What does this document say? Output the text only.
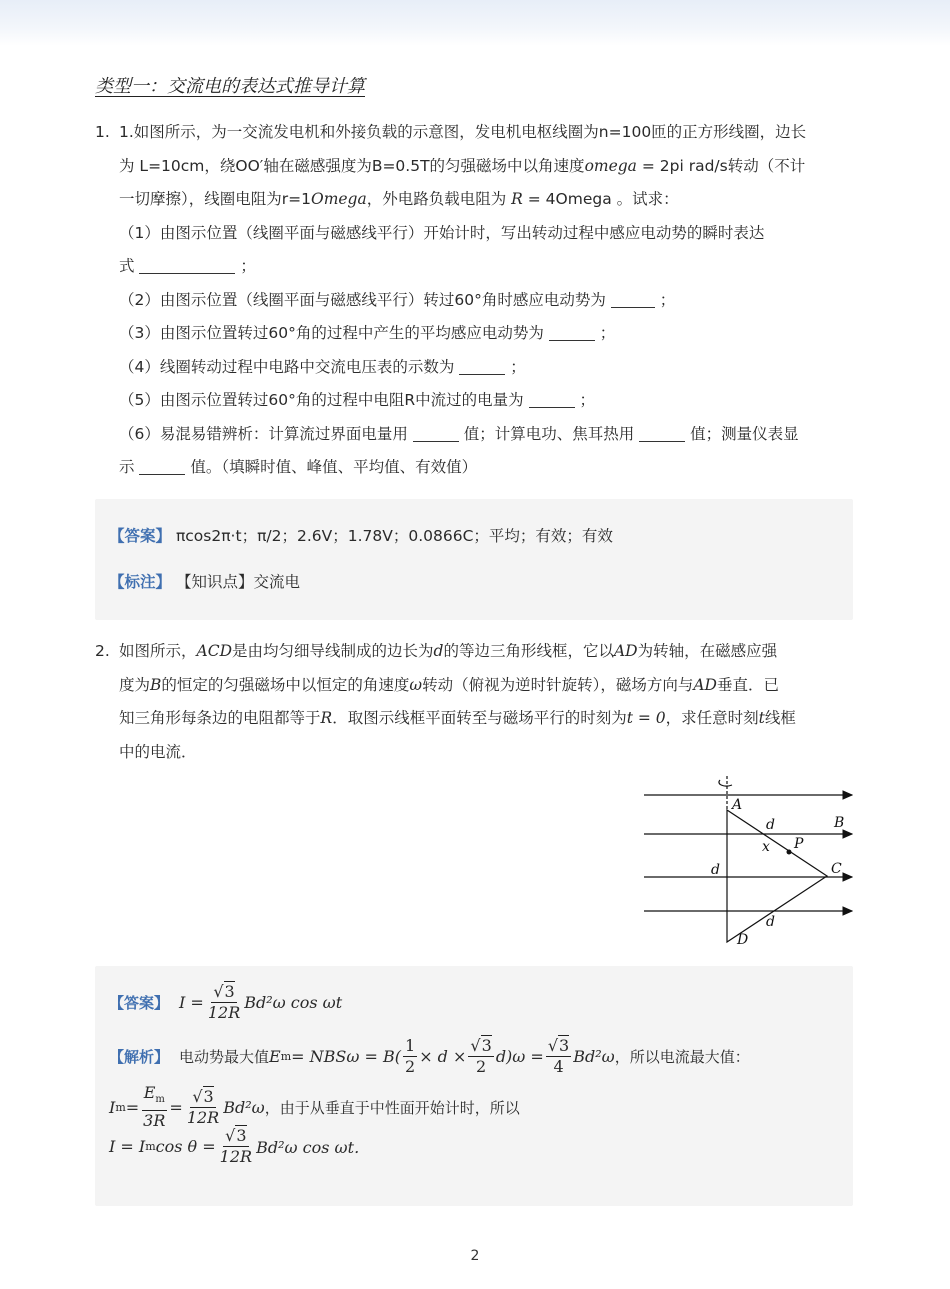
类型一：交流电的表达式推导计算
1. 1.如图所示，为一交流发电机和外接负载的示意图，发电机电枢线圈为n=100匝的正方形线圈，边长
为 L=10cm，绕OO′轴在磁感强度为B=0.5T的匀强磁场中以角速度omega = 2pi rad/s转动（不计
一切摩擦），线圈电阻为r=1Omega，外电路负载电阻为 R = 4Omega 。试求：
（1）由图示位置（线圈平面与磁感线平行）开始计时，写出转动过程中感应电动势的瞬时表达
式	；
（2）由图示位置（线圈平面与磁感线平行）转过60°角时感应电动势为	；
（3）由图示位置转过60°角的过程中产生的平均感应电动势为	；
（4）线圈转动过程中电路中交流电压表的示数为	；
（5）由图示位置转过60°角的过程中电阻R中流过的电量为	；
（6）易混易错辨析：计算流过界面电量用	值；计算电功、焦耳热用	值；测量仪表显
示	值。（填瞬时值、峰值、平均值、有效值）
【答案】 πcos2π·t；π/2；2.6V；1.78V；0.0866C；平均；有效；有效
【标注】 【知识点】交流电
2. 如图所示，ACD是由均匀细导线制成的边长为d的等边三角形线框，它以AD为转轴，在磁感应强
度为B的恒定的匀强磁场中以恒定的角速度ω转动（俯视为逆时针旋转），磁场方向与AD垂直．已
知三角形每条边的电阻都等于R．取图示线框平面转至与磁场平行的时刻为t = 0，求任意时刻t线框
中的电流．
A
B
C
D
P
x
d
d
d
【答案】 $I = \frac{√3}{12R} Bd^2\omega$ cos ωt
【解析】 电动势最大值 E $m = NBS\omega = B( \frac{1}{2} \times d \times \frac{√3}{2} d)\omega = \frac{√3}{4} Bd^2\omega$ ，所以电流最大值：
I $m = \frac{E_m}{3R} = \frac{√3}{12R} Bd^2\omega$ ，由于从垂直于中性面开始计时，所以
I = I m $\cos \theta = \frac{√3}{12R} Bd^2\omega$ cos ωt．
2
